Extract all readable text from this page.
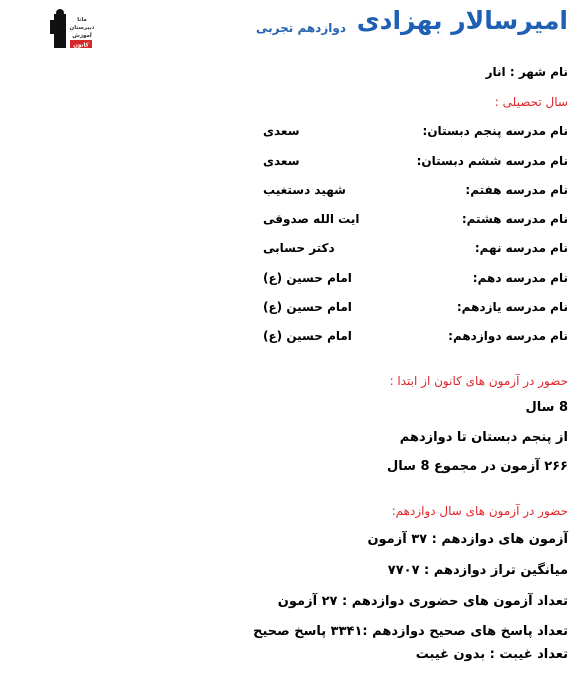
امیرسالار بهزادی
دوازدهم تجربی
مانا
دبیرستان
آموزش
کانون
نام شهر : انار
سال تحصیلی :
نام مدرسه پنجم دبستان:
سعدی
نام مدرسه ششم دبستان:
سعدی
نام مدرسه هفتم:
شهید دستغیب
نام مدرسه هشتم:
ایت الله صدوقی
نام مدرسه نهم:
دکتر حسابی
نام مدرسه دهم:
امام حسین (ع)
نام مدرسه یازدهم:
امام حسین (ع)
نام مدرسه دوازدهم:
امام حسین (ع)
حضور در آزمون های کانون از ابتدا :
8 سال
از پنجم دبستان تا دوازدهم
۲۶۶ آزمون در مجموع 8 سال
حضور در آزمون های سال دوازدهم:
آزمون های دوازدهم : ۳۷ آزمون
میانگین تراز دوازدهم : ۷۷۰۷
تعداد آزمون های حضوری دوازدهم : ۲۷ آزمون
تعداد پاسخ های صحیح دوازدهم :۳۳۴۱ پاسخ صحیح
تعداد غیبت : بدون غیبت
